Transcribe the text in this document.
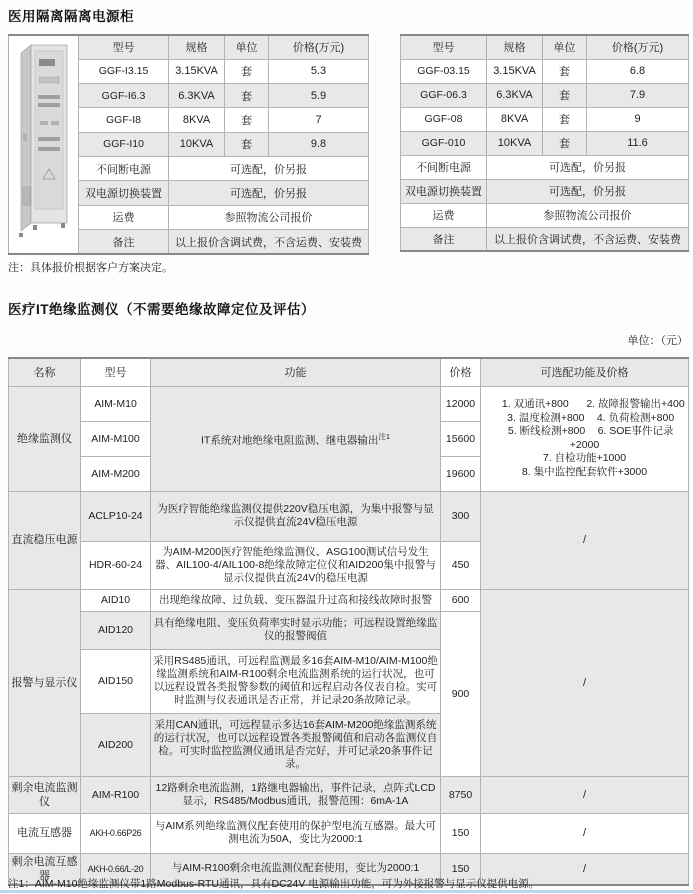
医用隔离隔离电源柜
	型号	规格	单位	价格(万元)
	GGF-I3.15	3.15KVA	套	5.3
	GGF-I6.3	6.3KVA	套	5.9
	GGF-I8	8KVA	套	7
	GGF-I10	10KVA	套	9.8
	不间断电源	可选配，价另报		
	双电源切换装置	可选配，价另报		
	运费	参照物流公司报价		
	备注	以上报价含调试费，不含运费、安装费		
型号	规格	单位	价格(万元)
GGF-03.15	3.15KVA	套	6.8
GGF-06.3	6.3KVA	套	7.9
GGF-08	8KVA	套	9
GGF-010	10KVA	套	11.6
不间断电源	可选配，价另报		
双电源切换装置	可选配，价另报		
运费	参照物流公司报价		
备注	以上报价含调试费，不含运费、安装费		
注：具体报价根据客户方案决定。
医疗IT绝缘监测仪（不需要绝缘故障定位及评估）
单位：（元）
名称	型号	功能	价格	可选配功能及价格
绝缘监测仪	AIM-M10	IT系统对地绝缘电阻监测、继电器输出$^{注1}$	12000	1. 双通讯+800 2. 故障报警输出+400
3. 温度检测+800 4. 负荷检测+800
5. 断线检测+800 6. SOE事件记录+2000
7. 自检功能+1000
8. 集中监控配套软件+3000

	AIM-M100		15600	
	AIM-M200		19600	
直流稳压电源	ACLP10-24	为医疗智能绝缘监测仪提供220V稳压电源，为集中报警与显示仪提供直流24V稳压电源	300	/
	HDR-60-24	为AIM-M200医疗智能绝缘监测仪、ASG100测试信号发生器、AIL100-4/AIL100-8绝缘故障定位仪和AID200集中报警与显示仪提供直流24V的稳压电源	450	
报警与显示仪	AID10	出现绝缘故障、过负载、变压器温升过高和接线故障时报警	600	/
	AID120	具有绝缘电阻、变压负荷率实时显示功能；可远程设置绝缘监仪的报警阀值	900	
	AID150	采用RS485通讯，可远程监测最多16套AIM-M10/AIM-M100绝缘监测系统和AIM-R100剩余电流监测系统的运行状况，也可以远程设置各类报警参数的阈值和远程启动各仪表自检。实可时监测与仪表通讯是否正常，并记录20条故障记录。		
	AID200	采用CAN通讯，可远程显示多达16套AIM-M200绝缘监测系统的运行状况，也可以远程设置各类报警阈值和启动各监测仪自检。可实时监控监测仪通讯是否完好，并可记录20条事件记录。		
剩余电流监测仪	AIM-R100	12路剩余电流监测，1路继电器输出，事件记录，点阵式LCD显示，RS485/Modbus通讯，报警范围：6mA-1A	8750	/
电流互感器	AKH-0.66P26	与AIM系列绝缘监测仪配套使用的保护型电流互感器。最大可测电流为50A，变比为2000:1	150	/
剩余电流互感器	AKH-0.66/L-20	与AIM-R100剩余电流监测仪配套使用，变比为2000:1	150	/
注1：AIM-M10绝缘监测仪带1路Modbus-RTU通讯，具有DC24V 电源输出功能，可为外接报警与显示仪提供电源。
